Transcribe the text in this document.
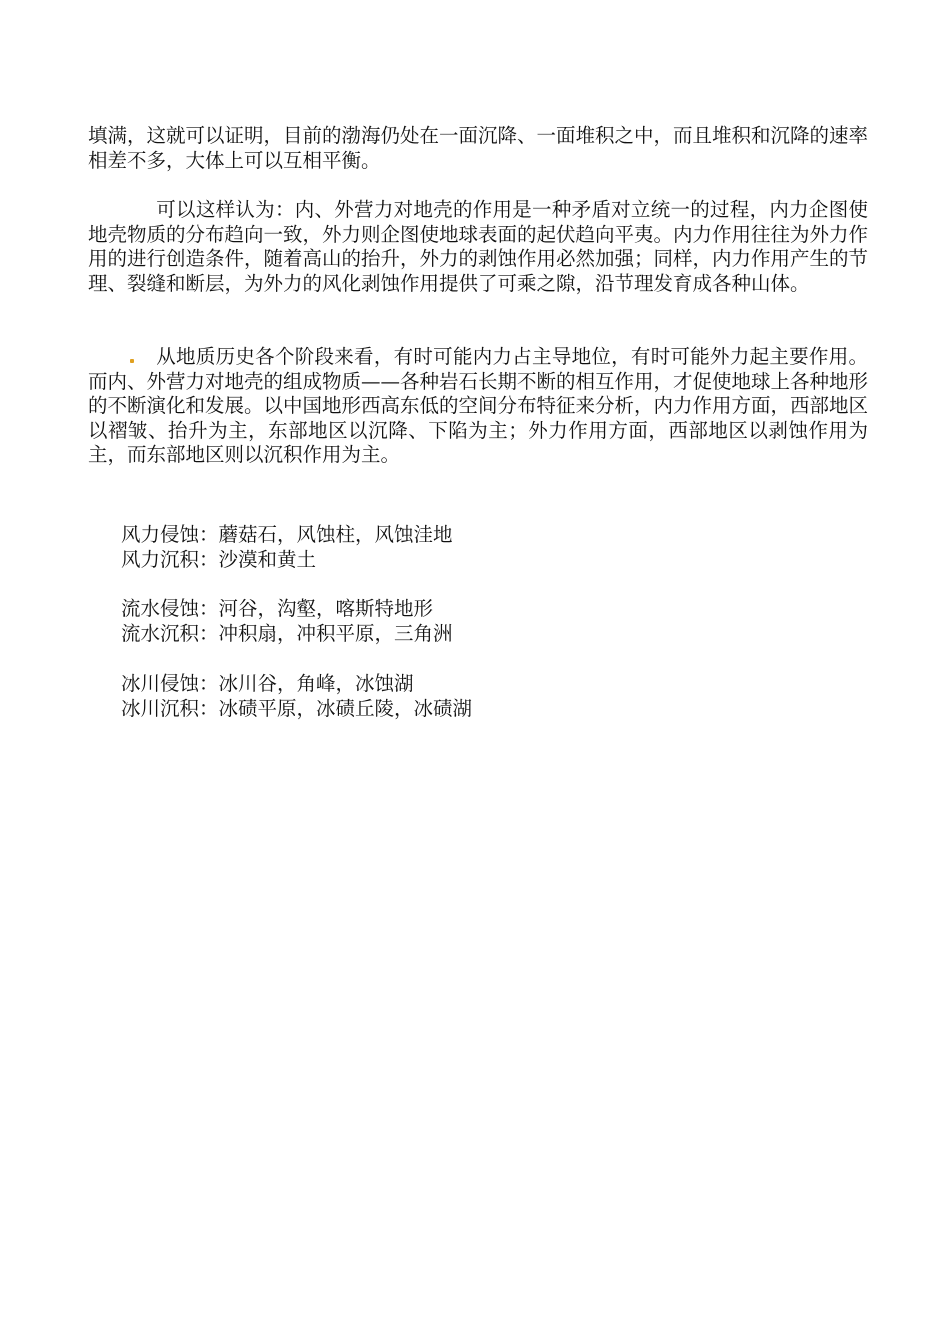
填满，这就可以证明，目前的渤海仍处在一面沉降、一面堆积之中，而且堆积和沉降的速率相差不多，大体上可以互相平衡。
可以这样认为：内、外营力对地壳的作用是一种矛盾对立统一的过程，内力企图使地壳物质的分布趋向一致，外力则企图使地球表面的起伏趋向平夷。内力作用往往为外力作用的进行创造条件，随着高山的抬升，外力的剥蚀作用必然加强；同样，内力作用产生的节理、裂缝和断层，为外力的风化剥蚀作用提供了可乘之隙，沿节理发育成各种山体。
从地质历史各个阶段来看，有时可能内力占主导地位，有时可能外力起主要作用。而内、外营力对地壳的组成物质——各种岩石长期不断的相互作用，才促使地球上各种地形的不断演化和发展。以中国地形西高东低的空间分布特征来分析，内力作用方面，西部地区以褶皱、抬升为主，东部地区以沉降、下陷为主；外力作用方面，西部地区以剥蚀作用为主，而东部地区则以沉积作用为主。
风力侵蚀：蘑菇石，风蚀柱，风蚀洼地
风力沉积：沙漠和黄土
流水侵蚀：河谷，沟壑，喀斯特地形
流水沉积：冲积扇，冲积平原，三角洲
冰川侵蚀：冰川谷，角峰，冰蚀湖
冰川沉积：冰碛平原，冰碛丘陵，冰碛湖
